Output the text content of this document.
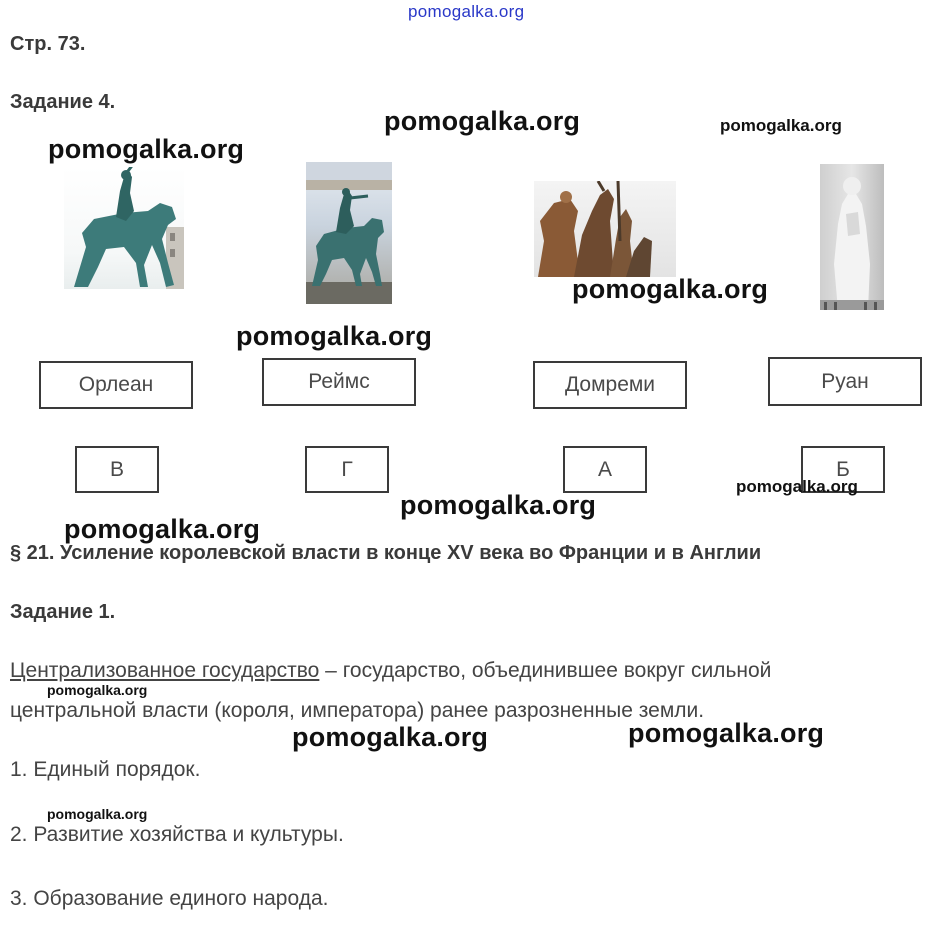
pomogalka.org
Стр. 73.
Задание 4.
pomogalka.org	pomogalka.org
pomogalka.org
pomogalka.org
pomogalka.org
Орлеан	Реймс	Домреми	Руан
В	Г	А	Б
pomogalka.org
pomogalka.org
pomogalka.org
§ 21. Усиление королевской власти в конце XV века во Франции и в Англии
Задание 1.
Централизованное государство – государство, объединившее вокруг сильной
pomogalka.org
центральной власти (короля, императора) ранее разрозненные земли.
pomogalka.org	pomogalka.org
1. Единый порядок.
pomogalka.org
2. Развитие хозяйства и культуры.
3. Образование единого народа.
